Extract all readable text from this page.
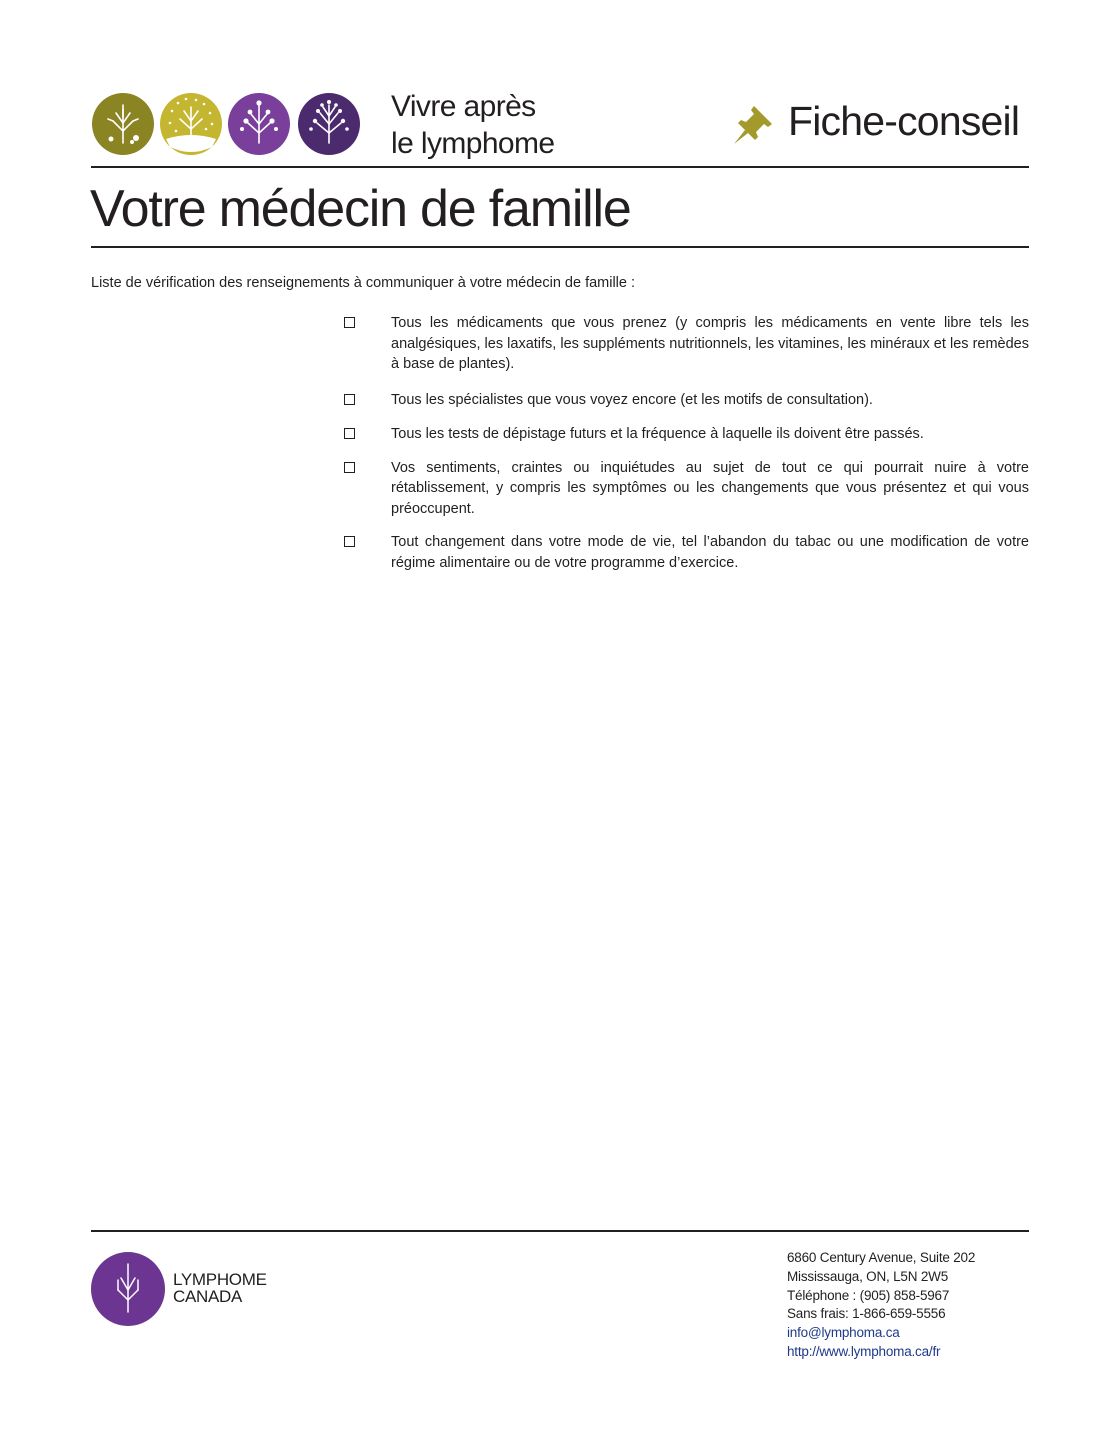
Vivre après
le lymphome	Fiche-conseil
Votre médecin de famille

Liste de vérification des renseignements à communiquer à votre médecin de famille :

Tous les médicaments que vous prenez (y compris les médicaments en vente libre tels les analgésiques, les laxatifs, les suppléments nutritionnels, les vitamines, les minéraux et les remèdes à base de plantes).
Tous les spécialistes que vous voyez encore (et les motifs de consultation).
Tous les tests de dépistage futurs et la fréquence à laquelle ils doivent être passés.
Vos sentiments, craintes ou inquiétudes au sujet de tout ce qui pourrait nuire à votre rétablissement, y compris les symptômes ou les changements que vous présentez et qui vous préoccupent.
Tout changement dans votre mode de vie, tel l’abandon du tabac ou une modification de votre régime alimentaire ou de votre programme d’exercice.
LYMPHOME
CANADA
6860 Century Avenue, Suite 202
Mississauga, ON, L5N 2W5
Téléphone : (905) 858-5967
Sans frais: 1-866-659-5556
info@lymphoma.ca
http://www.lymphoma.ca/fr
